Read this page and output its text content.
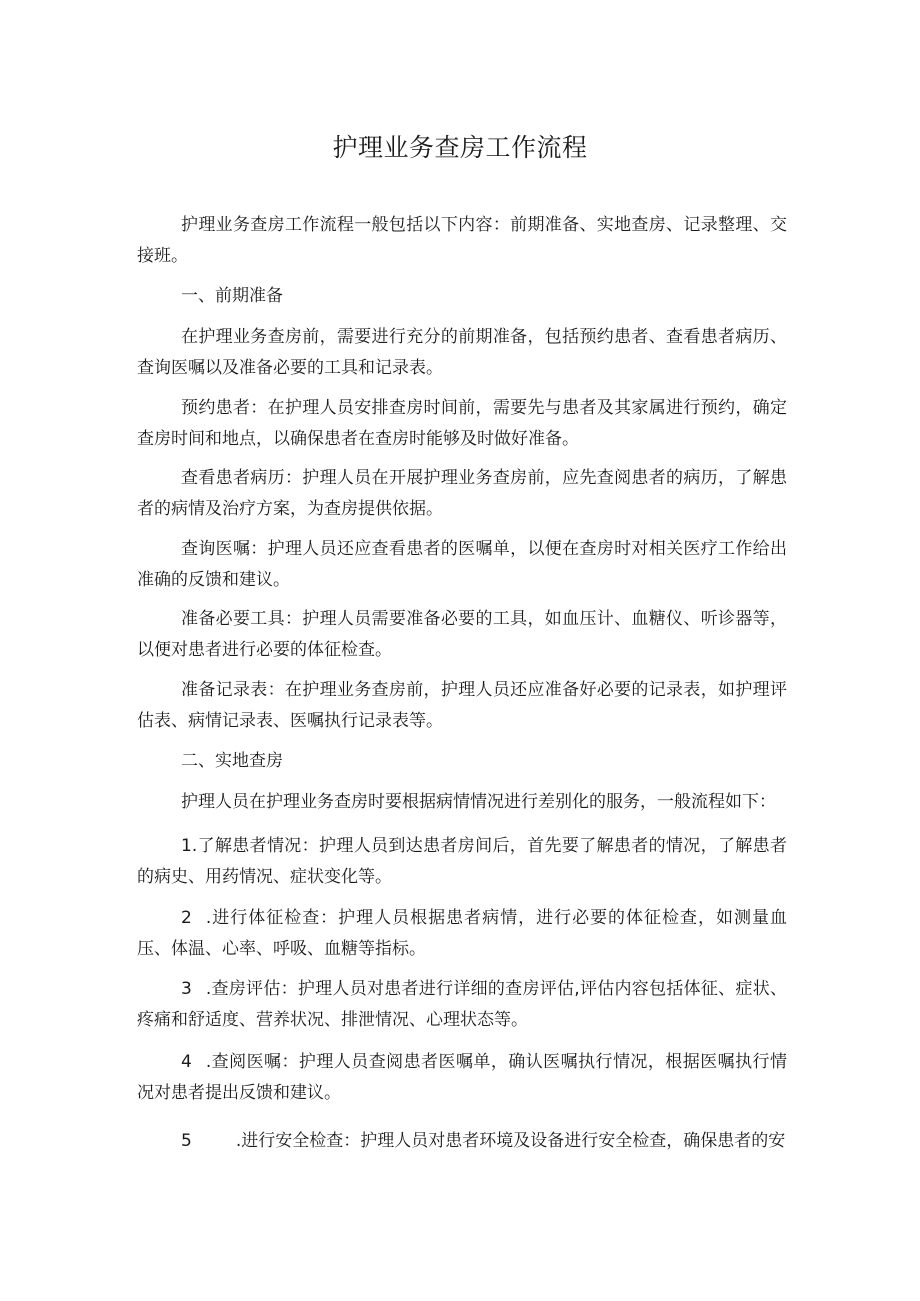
护理业务查房工作流程

护理业务查房工作流程一般包括以下内容：前期准备、实地查房、记录整理、交接班。

一、前期准备

在护理业务查房前，需要进行充分的前期准备，包括预约患者、查看患者病历、查询医嘱以及准备必要的工具和记录表。

预约患者：在护理人员安排查房时间前，需要先与患者及其家属进行预约，确定查房时间和地点，以确保患者在查房时能够及时做好准备。

查看患者病历：护理人员在开展护理业务查房前，应先查阅患者的病历，了解患者的病情及治疗方案，为查房提供依据。

查询医嘱：护理人员还应查看患者的医嘱单，以便在查房时对相关医疗工作给出准确的反馈和建议。

准备必要工具：护理人员需要准备必要的工具，如血压计、血糖仪、听诊器等，以便对患者进行必要的体征检查。

准备记录表：在护理业务查房前，护理人员还应准备好必要的记录表，如护理评估表、病情记录表、医嘱执行记录表等。

二、实地查房

护理人员在护理业务查房时要根据病情情况进行差别化的服务，一般流程如下：

1.了解患者情况：护理人员到达患者房间后，首先要了解患者的情况，了解患者的病史、用药情况、症状变化等。

2 .进行体征检查：护理人员根据患者病情，进行必要的体征检查，如测量血压、体温、心率、呼吸、血糖等指标。

3 .查房评估：护理人员对患者进行详细的查房评估,评估内容包括体征、症状、疼痛和舒适度、营养状况、排泄情况、心理状态等。

4 .查阅医嘱：护理人员查阅患者医嘱单，确认医嘱执行情况，根据医嘱执行情况对患者提出反馈和建议。

5	.进行安全检查：护理人员对患者环境及设备进行安全检查，确保患者的安
